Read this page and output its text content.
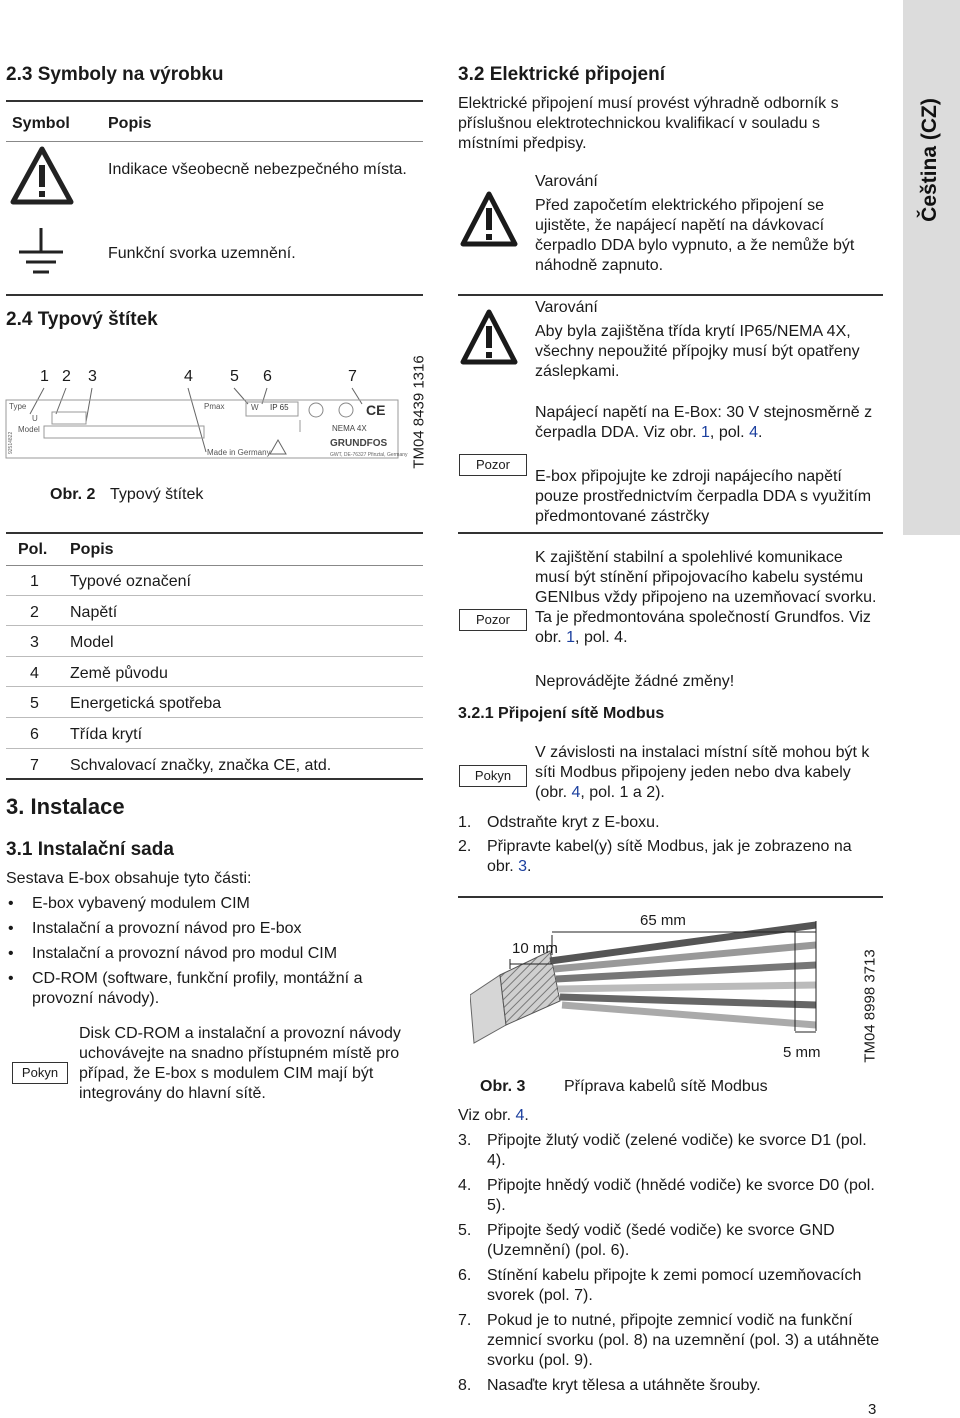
Čeština (CZ)
2.3 Symboly na výrobku
Symbol Popis
Indikace všeobecně nebezpečného místa.
Funkční svorka uzemnění.
2.4 Typový štítek
TM04 8439 1316
1 2 3	4 5 6	7
Type
U
Model
Pmax	W IP 65
Made in Germany
NEMA 4X
GRUNDFOS
GWT, DE-76327 Pfinztal, Germany
CE
92514822
Obr. 2 Typový štítek
Pol. Popis
1 Typové označení
2 Napětí
3 Model
4 Země původu
5 Energetická spotřeba
6 Třída krytí
7 Schvalovací značky, značka CE, atd.
3. Instalace
3.1 Instalační sada
Sestava E-box obsahuje tyto části:
• E-box vybavený modulem CIM
• Instalační a provozní návod pro E-box
• Instalační a provozní návod pro modul CIM
• CD-ROM (software, funkční profily, montážní a provozní návody).
Pokyn
Disk CD-ROM a instalační a provozní návody uchovávejte na snadno přístupném místě pro případ, že E-box s modulem CIM mají být integrovány do hlavní sítě.
3.2 Elektrické připojení
Elektrické připojení musí provést výhradně odborník s příslušnou elektrotechnickou kvalifikací v souladu s místními předpisy.
Varování
Před započetím elektrického připojení se ujistěte, že napájecí napětí na dávkovací čerpadlo DDA bylo vypnuto, a že nemůže být náhodně zapnuto.
Varování
Aby byla zajištěna třída krytí IP65/NEMA 4X, všechny nepoužité přípojky musí být opatřeny záslepkami.
Pozor
Napájecí napětí na E-Box: 30 V stejnosměrně z čerpadla DDA. Viz obr. 1, pol. 4.
E-box připojujte ke zdroji napájecího napětí pouze prostřednictvím čerpadla DDA s využitím předmontované zástrčky
Pozor
K zajištění stabilní a spolehlivé komunikace musí být stínění připojovacího kabelu systému GENIbus vždy připojeno na uzemňovací svorku. Ta je předmontována společností Grundfos. Viz obr. 1, pol. 4.
Neprovádějte žádné změny!
3.2.1 Připojení sítě Modbus
Pokyn
V závislosti na instalaci místní sítě mohou být k síti Modbus připojeny jeden nebo dva kabely (obr. 4, pol. 1 a 2).
1. Odstraňte kryt z E-boxu.
2. Připravte kabel(y) sítě Modbus, jak je zobrazeno na obr. 3.
65 mm
10 mm
5 mm	TM04 8998 3713
Obr. 3 Příprava kabelů sítě Modbus
Viz obr. 4.
3. Připojte žlutý vodič (zelené vodiče) ke svorce D1 (pol. 4).
4. Připojte hnědý vodič (hnědé vodiče) ke svorce D0 (pol. 5).
5. Připojte šedý vodič (šedé vodiče) ke svorce GND (Uzemnění) (pol. 6).
6. Stínění kabelu připojte k zemi pomocí uzemňovacích svorek (pol. 7).
7. Pokud je to nutné, připojte zemnicí vodič na funkční zemnicí svorku (pol. 8) na uzemnění (pol. 3) a utáhněte svorku (pol. 9).
8. Nasaďte kryt tělesa a utáhněte šrouby.
3
